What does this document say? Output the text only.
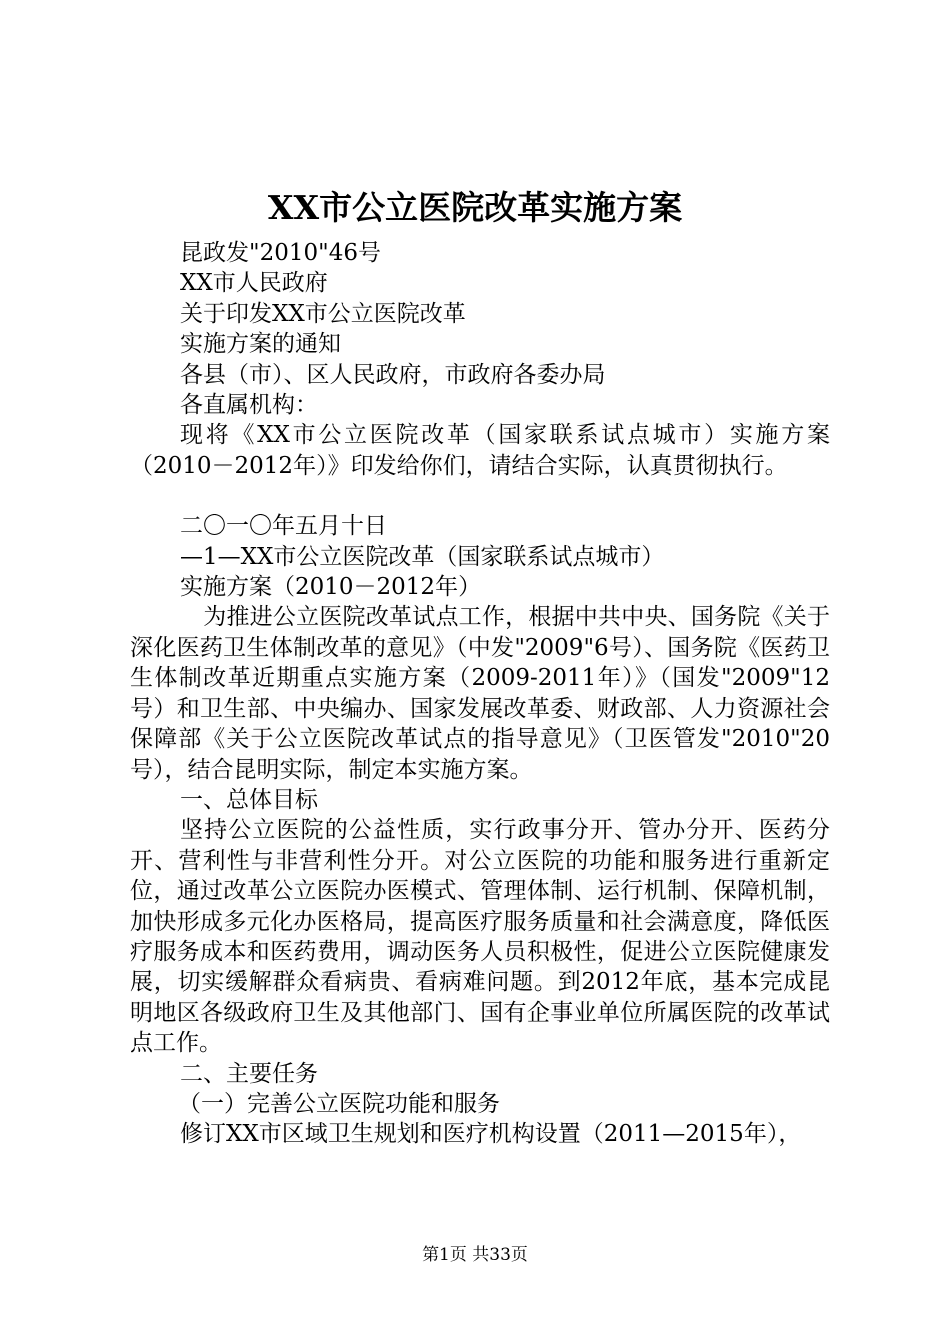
XX市公立医院改革实施方案

昆政发"2010"46号

XX市人民政府

关于印发XX市公立医院改革

实施方案的通知

各县（市）、区人民政府，市政府各委办局

各直属机构：

现将《XX市公立医院改革（国家联系试点城市）实施方案（2010－2012年）》印发给你们，请结合实际，认真贯彻执行。

二〇一〇年五月十日

—1—XX市公立医院改革（国家联系试点城市）

实施方案（2010－2012年）

　为推进公立医院改革试点工作，根据中共中央、国务院《关于深化医药卫生体制改革的意见》（中发"2009"6号）、国务院《医药卫生体制改革近期重点实施方案（2009-2011年）》（国发"2009"12号）和卫生部、中央编办、国家发展改革委、财政部、人力资源社会保障部《关于公立医院改革试点的指导意见》（卫医管发"2010"20号），结合昆明实际，制定本实施方案。

一、总体目标

坚持公立医院的公益性质，实行政事分开、管办分开、医药分开、营利性与非营利性分开。对公立医院的功能和服务进行重新定位，通过改革公立医院办医模式、管理体制、运行机制、保障机制，加快形成多元化办医格局，提高医疗服务质量和社会满意度，降低医疗服务成本和医药费用，调动医务人员积极性，促进公立医院健康发展，切实缓解群众看病贵、看病难问题。到2012年底，基本完成昆明地区各级政府卫生及其他部门、国有企事业单位所属医院的改革试点工作。

二、主要任务

（一）完善公立医院功能和服务

修订XX市区域卫生规划和医疗机构设置（2011—2015年），

第1页 共33页
